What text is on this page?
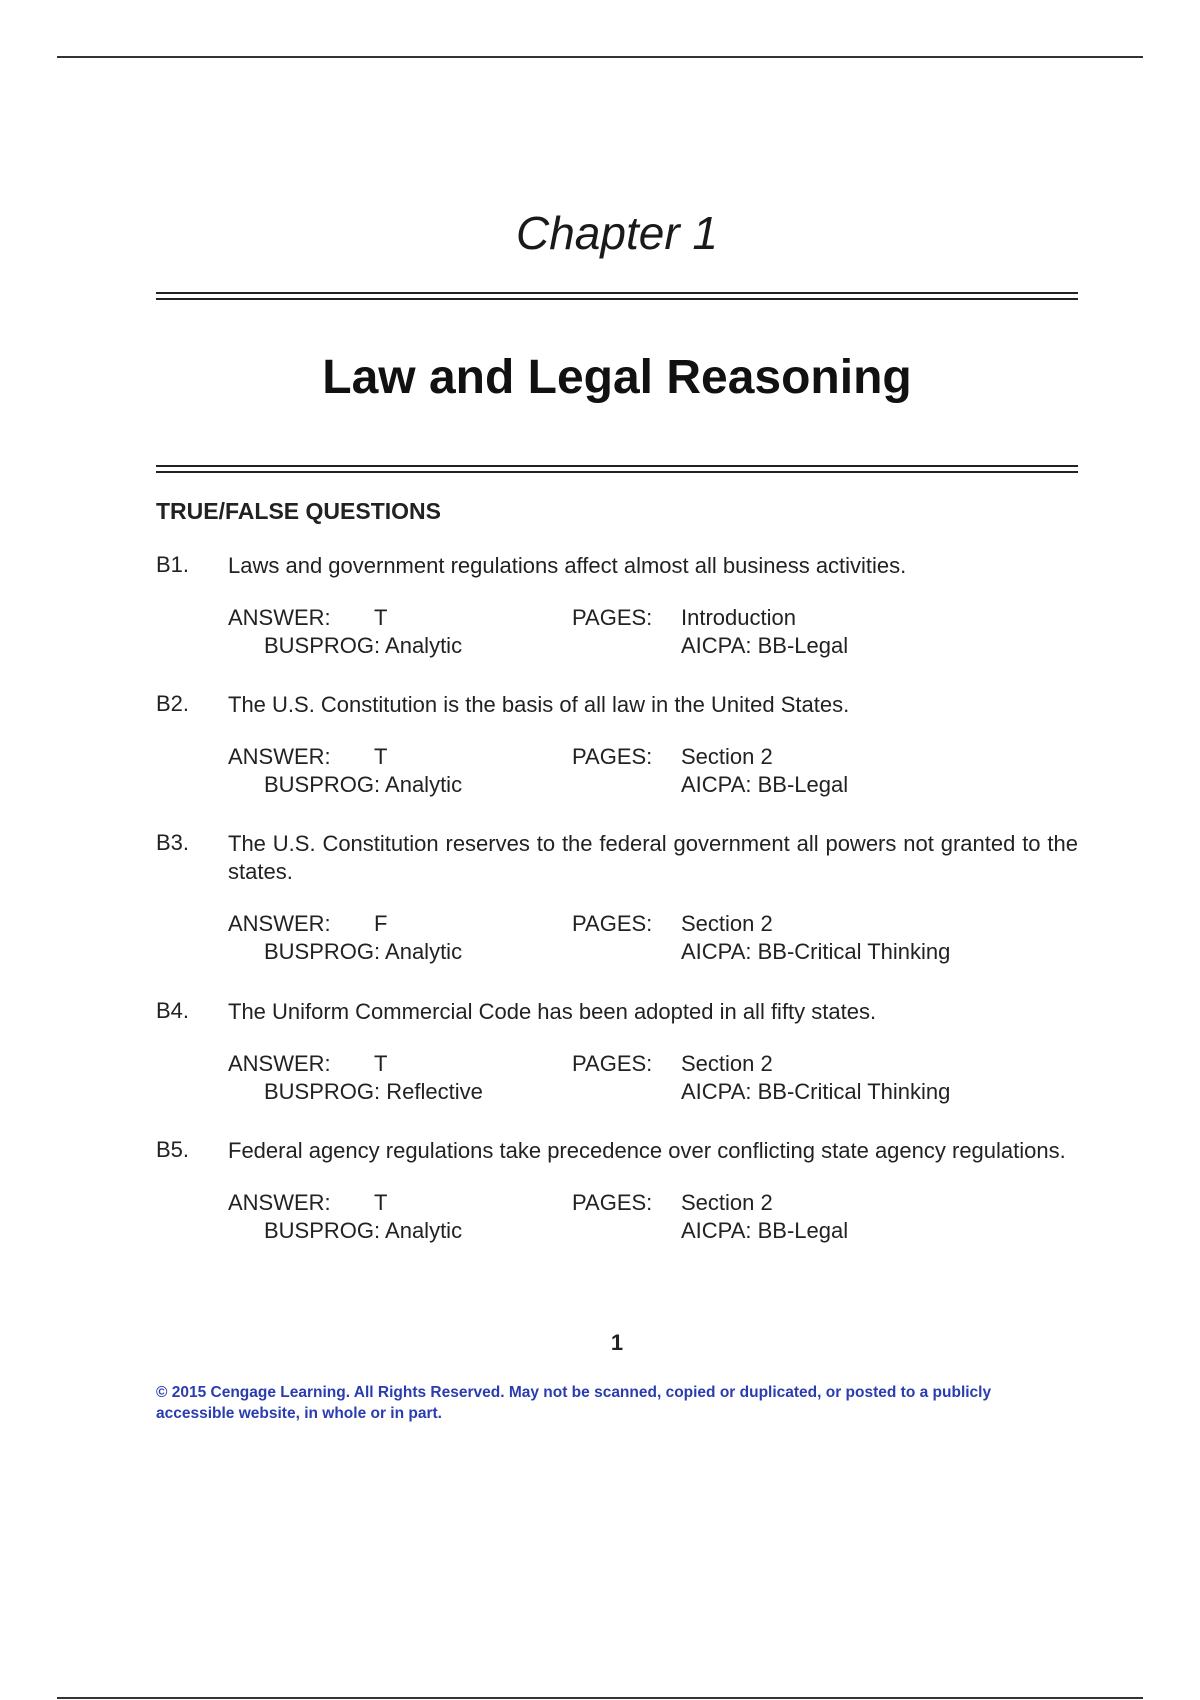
Chapter 1
Law and Legal Reasoning
TRUE/FALSE QUESTIONS
B1. Laws and government regulations affect almost all business activities.
ANSWER: T	PAGES: Introduction
BUSPROG: Analytic	AICPA: BB-Legal
B2. The U.S. Constitution is the basis of all law in the United States.
ANSWER: T	PAGES: Section 2
BUSPROG: Analytic	AICPA: BB-Legal
B3. The U.S. Constitution reserves to the federal government all powers not granted to the states.
ANSWER: F	PAGES: Section 2
BUSPROG: Analytic	AICPA: BB-Critical Thinking
B4. The Uniform Commercial Code has been adopted in all fifty states.
ANSWER: T	PAGES: Section 2
BUSPROG: Reflective	AICPA: BB-Critical Thinking
B5. Federal agency regulations take precedence over conflicting state agency regulations.
ANSWER: T	PAGES: Section 2
BUSPROG: Analytic	AICPA: BB-Legal
1
© 2015 Cengage Learning. All Rights Reserved. May not be scanned, copied or duplicated, or posted to a publicly accessible website, in whole or in part.
